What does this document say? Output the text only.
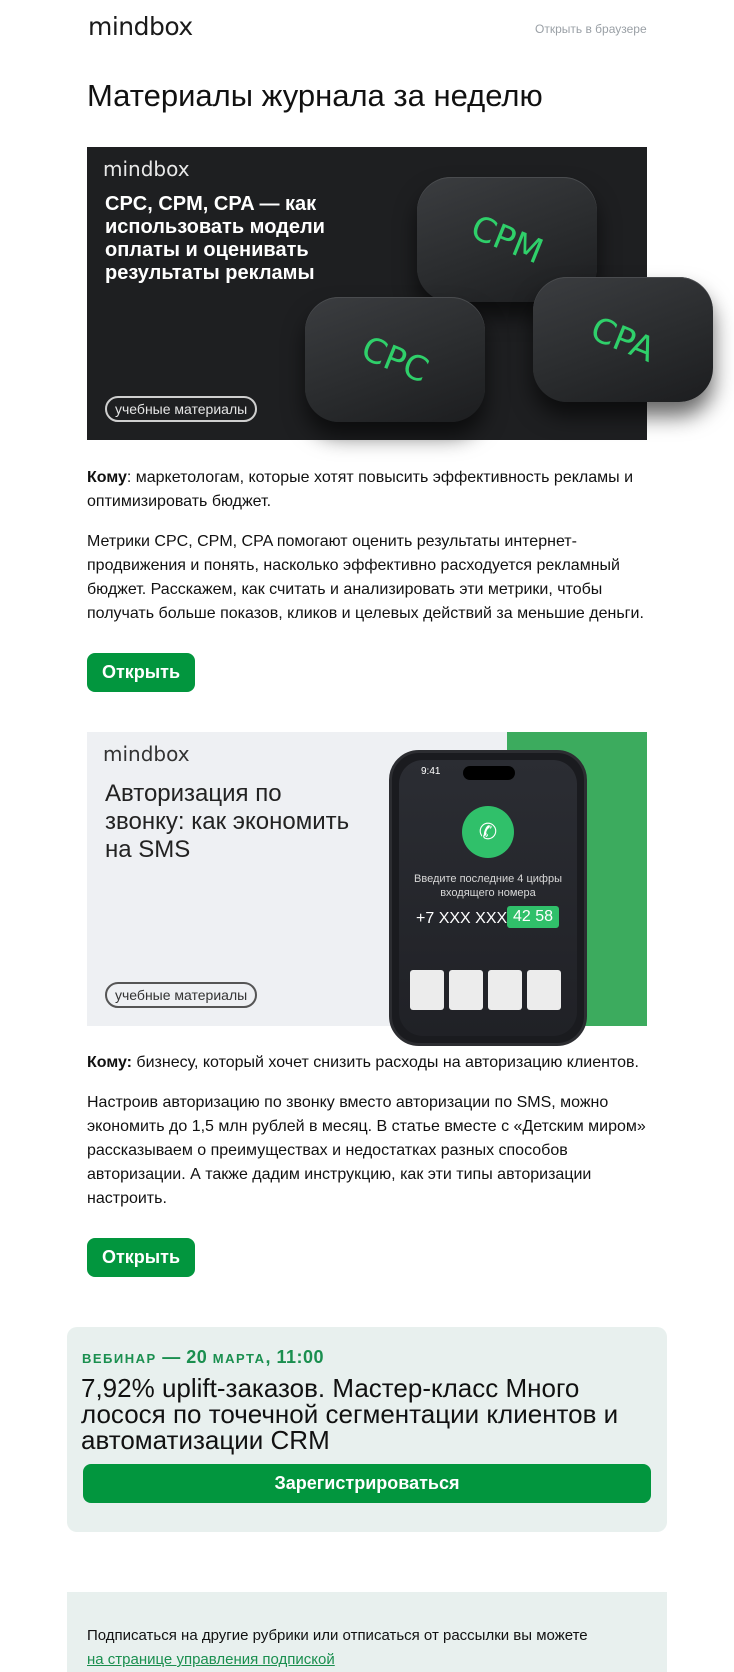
mindbox	Открыть в браузере
Материалы журнала за неделю
mindbox
CPC, CPM, CPA — как использовать модели оплаты и оценивать результаты рекламы
CPM
CPC	CPA
учебные материалы

Кому: маркетологам, которые хотят повысить эффективность рекламы и оптимизировать бюджет.

Метрики CPC, CPM, CPA помогают оценить результаты интернет-продвижения и понять, насколько эффективно расходуется рекламный бюджет. Расскажем, как считать и анализировать эти метрики, чтобы получать больше показов, кликов и целевых действий за меньшие деньги.

Открыть
mindbox
Авторизация по звонку: как экономить на SMS
учебные материалы
9:41
✆
Введите последние 4 цифры входящего номера
+7 XXX XXX 42 58

Кому: бизнесу, который хочет снизить расходы на авторизацию клиентов.

Настроив авторизацию по звонку вместо авторизации по SMS, можно экономить до 1,5 млн рублей в месяц. В статье вместе с «Детским миром» рассказываем о преимуществах и недостатках разных способов авторизации. А также дадим инструкцию, как эти типы авторизации настроить.

Открыть
ВЕБИНАР — 20 МАРТА, 11:00
7,92% uplift-заказов. Мастер-класс Много лосося по точечной сегментации клиентов и автоматизации CRM
Зарегистрироваться
Подписаться на другие рубрики или отписаться от рассылки вы можете
на странице управления подпиской
